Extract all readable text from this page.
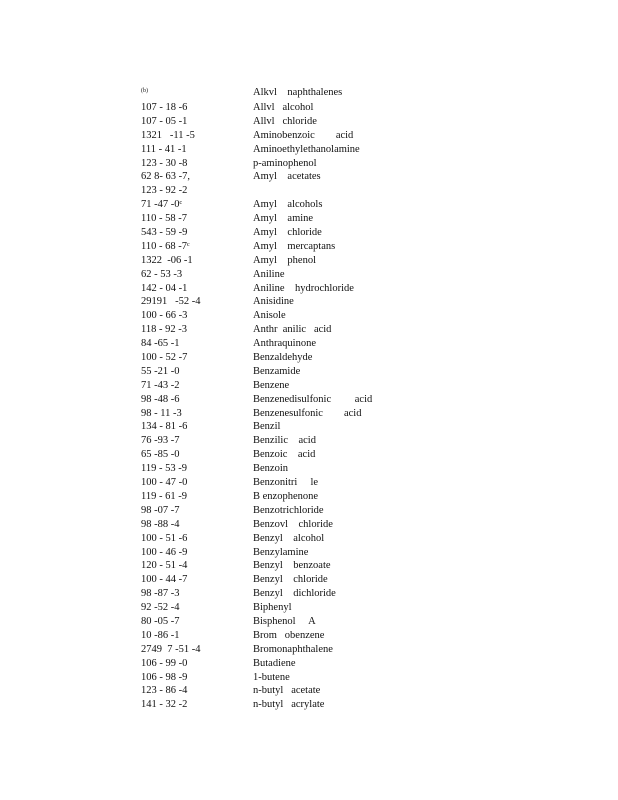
(b)

	Alkvl    naphthalenes

107 - 18 -6	Allvl   alcohol
107 - 05 -1	Allvl   chloride
1321   -11 -5	Aminobenzoic        acid
111 - 41 -1	Aminoethylethanolamine
123 - 30 -8	p-aminophenol
62 8- 63 -7,	Amyl    acetates
123 - 92 -2
71 -47 -0ᶜ	Amyl    alcohols
110 - 58 -7	Amyl    amine
543 - 59 -9	Amyl    chloride
110 - 68 -7ᶜ	Amyl    mercaptans
1322  -06 -1	Amyl    phenol
62 - 53 -3	Aniline
142 - 04 -1	Aniline    hydrochloride
29191   -52 -4	Anisidine
100 - 66 -3	Anisole
118 - 92 -3	Anthr  anilic   acid
84 -65 -1	Anthraquinone
100 - 52 -7	Benzaldehyde
55 -21 -0	Benzamide
71 -43 -2	Benzene
98 -48 -6	Benzenedisulfonic         acid
98 - 11 -3	Benzenesulfonic        acid
134 - 81 -6	Benzil
76 -93 -7	Benzilic    acid
65 -85 -0	Benzoic    acid
119 - 53 -9	Benzoin
100 - 47 -0	Benzonitri     le
119 - 61 -9	B enzophenone
98 -07 -7	Benzotrichloride
98 -88 -4	Benzovl    chloride
100 - 51 -6	Benzyl    alcohol
100 - 46 -9	Benzylamine
120 - 51 -4	Benzyl    benzoate
100 - 44 -7	Benzyl    chloride
98 -87 -3	Benzyl    dichloride
92 -52 -4	Biphenyl
80 -05 -7	Bisphenol     A
10 -86 -1	Brom   obenzene
2749  7 -51 -4	Bromonaphthalene
106 - 99 -0	Butadiene
106 - 98 -9	1-butene
123 - 86 -4	n-butyl   acetate
141 - 32 -2	n-butyl   acrylate
